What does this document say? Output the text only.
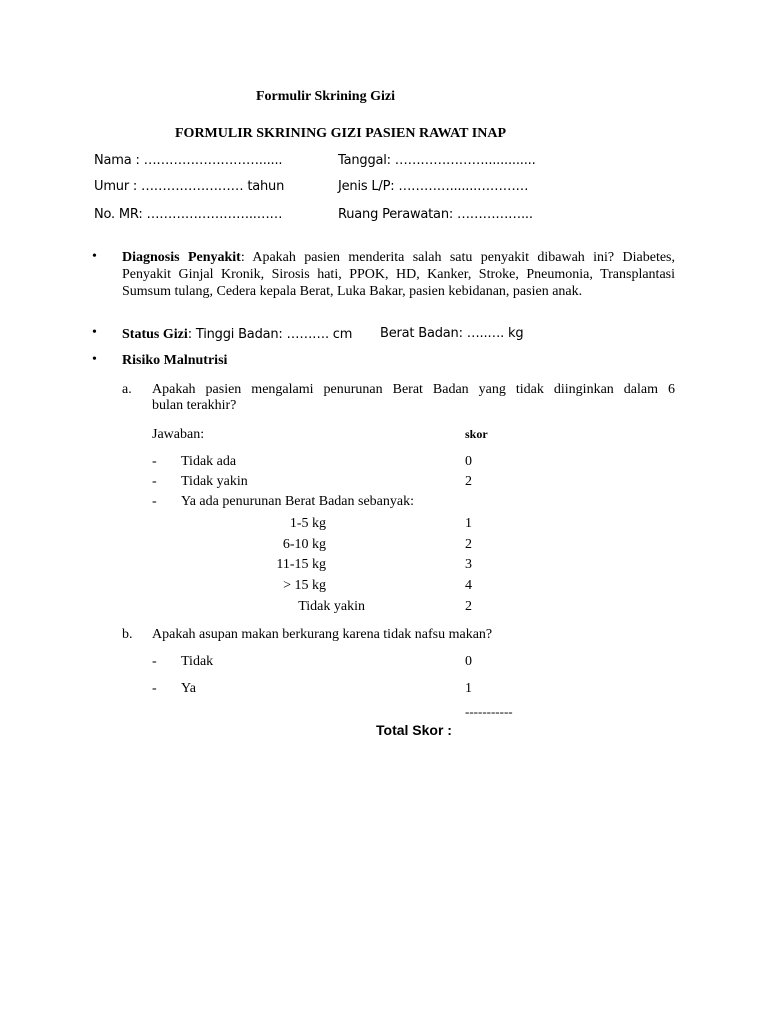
Formulir Skrining Gizi
FORMULIR SKRINING GIZI PASIEN RAWAT INAP
Nama : ………………………......	Tanggal: ………………….............
Umur : …………………… tahun	Jenis L/P: ………….......…………
No. MR: ……………………..……	Ruang Perawatan: ……………...
• Diagnosis Penyakit: Apakah pasien menderita salah satu penyakit dibawah ini? Diabetes, Penyakit Ginjal Kronik, Sirosis hati, PPOK, HD, Kanker, Stroke, Pneumonia, Transplantasi Sumsum tulang, Cedera kepala Berat, Luka Bakar, pasien kebidanan, pasien anak.
• Status Gizi: Tinggi Badan: ………. cm Berat Badan: …..…. kg
• Risiko Malnutrisi
a. Apakah pasien mengalami penurunan Berat Badan yang tidak diinginkan dalam 6
bulan terakhir?
Jawaban:	skor
- Tidak ada	0
- Tidak yakin	2
- Ya ada penurunan Berat Badan sebanyak:
1-5 kg	1
6-10 kg	2
11-15 kg	3
> 15 kg	4
Tidak yakin	2
b. Apakah asupan makan berkurang karena tidak nafsu makan?
- Tidak	0
- Ya	1
-----------
Total Skor :
